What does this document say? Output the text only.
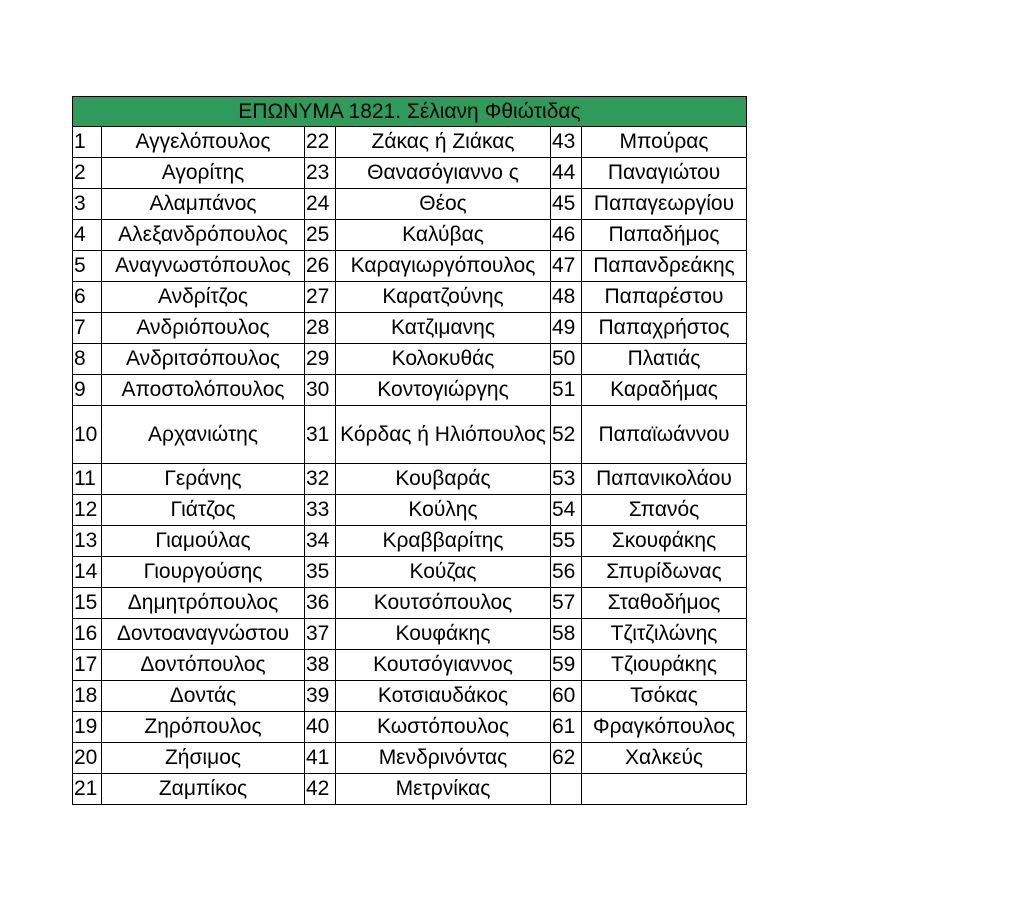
ΕΠΩΝΥΜΑ 1821. Σέλιανη Φθιώτιδας					
1	Αγγελόπουλος	22	Ζάκας ή Ζιάκας	43	Μπούρας
2	Αγορίτης	23	Θανασόγιαννο ς	44	Παναγιώτου
3	Αλαμπάνος	24	Θέος	45	Παπαγεωργίου
4	Αλεξανδρόπουλος	25	Καλύβας	46	Παπαδήμος
5	Αναγνωστόπουλος	26	Καραγιωργόπουλος	47	Παπανδρεάκης
6	Ανδρίτζος	27	Καρατζούνης	48	Παπαρέστου
7	Ανδριόπουλος	28	Κατζιμανης	49	Παπαχρήστος
8	Ανδριτσόπουλος	29	Κολοκυθάς	50	Πλατιάς
9	Αποστολόπουλος	30	Κοντογιώργης	51	Καραδήμας
10	Αρχανιώτης	31	Κόρδας ή Ηλιόπουλος	52	Παπαϊωάννου
11	Γεράνης	32	Κουβαράς	53	Παπανικολάου
12	Γιάτζος	33	Κούλης	54	Σπανός
13	Γιαμούλας	34	Κραββαρίτης	55	Σκουφάκης
14	Γιουργούσης	35	Κούζας	56	Σπυρίδωνας
15	Δημητρόπουλος	36	Κουτσόπουλος	57	Σταθοδήμος
16	Δοντοαναγνώστου	37	Κουφάκης	58	Τζιτζιλώνης
17	Δοντόπουλος	38	Κουτσόγιαννος	59	Τζιουράκης
18	Δοντάς	39	Κοτσιαυδάκος	60	Τσόκας
19	Ζηρόπουλος	40	Κωστόπουλος	61	Φραγκόπουλος
20	Ζήσιμος	41	Μενδρινόντας	62	Χαλκεύς
21	Ζαμπίκος	42	Μετρνίκας		
